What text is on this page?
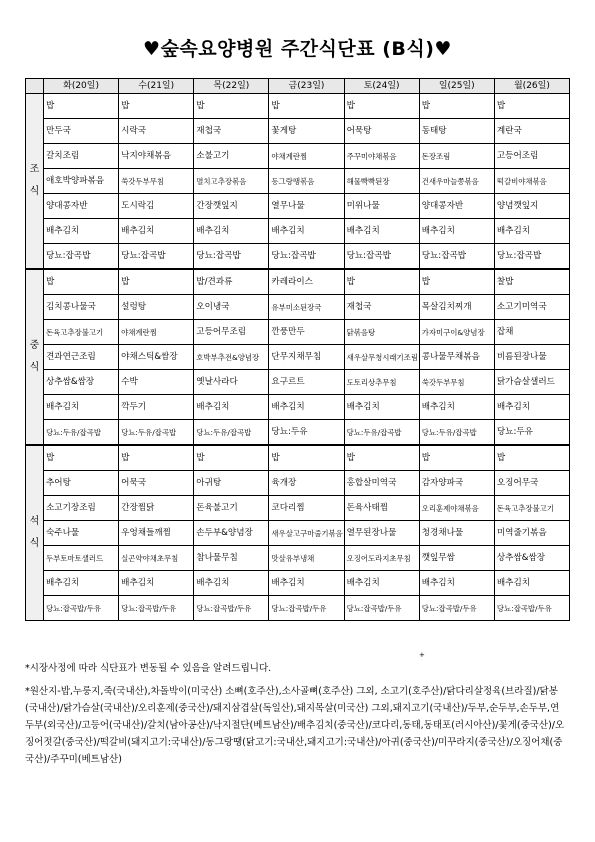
♥숲속요양병원 주간식단표 (B식)♥
	화(20일)	수(21일)	목(22일)	금(23일)	토(24일)	일(25일)	월(26일)

조
식	밥	밥	밥	밥	밥	밥	밥
	만두국	시락국	재첩국	꽃게탕	어묵탕	동태탕	계란국
	갈치조림	낙지야채볶음	소불고기	야채계란찜	주꾸미야채볶음	돈장조림	고등어조림
	애호박양파볶음	쑥갓두부무침	멸치고추장볶음	동그랑땡볶음	해물빡빡된장	건새우마늘쫑볶음	떡갈비야채볶음
	양대콩자반	도시락김	간장깻잎지	열무나물	미위나물	양대콩자반	양념깻잎지
	배추김치	배추김치	배추김치	배추김치	배추김치	배추김치	배추김치
	당뇨:잡곡밥	당뇨:잡곡밥	당뇨:잡곡밥	당뇨:잡곡밥	당뇨:잡곡밥	당뇨:잡곡밥	당뇨:잡곡밥

중
식	밥	밥	밥/견과류	카레라이스	밥	밥	찰밥
	김치콩나물국	설렁탕	오이냉국	유부미소된장국	재첩국	목살김치찌개	소고기미역국
	돈육고추장불고기	야채계란찜	고등어무조림	깐풍만두	닭볶음탕	가자미구이&양념장	잡채
	견과연근조림	야채스틱&쌈장	호박부추전&양념장	단무지채무침	새우살무청시래기조림	콩나물무채볶음	비름된장나물
	상추쌈&쌈장	수박	옛날사라다	요구르트	도토리상추무침	쑥갓두부무침	닭가슴살샐러드
	배추김치	깍두기	배추김치	배추김치	배추김치	배추김치	배추김치
	당뇨:두유/잡곡밥	당뇨:두유/잡곡밥	당뇨:두유/잡곡밥	당뇨:두유	당뇨:두유/잡곡밥	당뇨:두유/잡곡밥	당뇨:두유

석
식	밥	밥	밥	밥	밥	밥	밥
	추어탕	어묵국	아귀탕	육개장	홍합살미역국	감자양파국	오징어무국
	소고기장조림	간장찜닭	돈육불고기	코다리찜	돈육사태찜	오리훈제야채볶음	돈육고추장불고기
	숙주나물	우엉채들깨찜	손두부&양념장	새우살고구마줄기볶음	열무된장나물	청경채나물	미역줄기볶음
	두부토마토샐러드	실곤약야채초무침	참나물무침	맛살유부냉채	오징어도라지초무침	깻잎무쌈	상추쌈&쌈장
	배추김치	배추김치	배추김치	배추김치	배추김치	배추김치	배추김치
	당뇨:잡곡밥/두유	당뇨:잡곡밥/두유	당뇨:잡곡밥/두유	당뇨:잡곡밥/두유	당뇨:잡곡밥/두유	당뇨:잡곡밥/두유	당뇨:잡곡밥/두유
+
*시장사정에 따라 식단표가 변동될 수 있음을 알려드립니다.
*원산지-밥,누룽지,죽(국내산),차돌박이(미국산) 소뼈(호주산),소사골뼈(호주산) 그외, 소고기(호주산)/닭다리살정육(브라질)/닭봉(국내산)/닭가슴살(국내산)/오리훈제(중국산)/돼지삼겹살(독일산),돼지목살(미국산) 그외,돼지고기(국내산)/두부,순두부,손두부,연두부(외국산)/고등어(국내산)/갈치(남아공산)/낙지절단(베트남산)/배추김치(중국산)/코다리,동태,동태포(러시아산)/꽃게(중국산)/오징어젓갈(중국산)/떡갈비(돼지고기:국내산)/동그랑땡(닭고기:국내산,돼지고기:국내산)/아귀(중국산)/미꾸라지(중국산)/오징어채(중국산)/주꾸미(베트남산)
